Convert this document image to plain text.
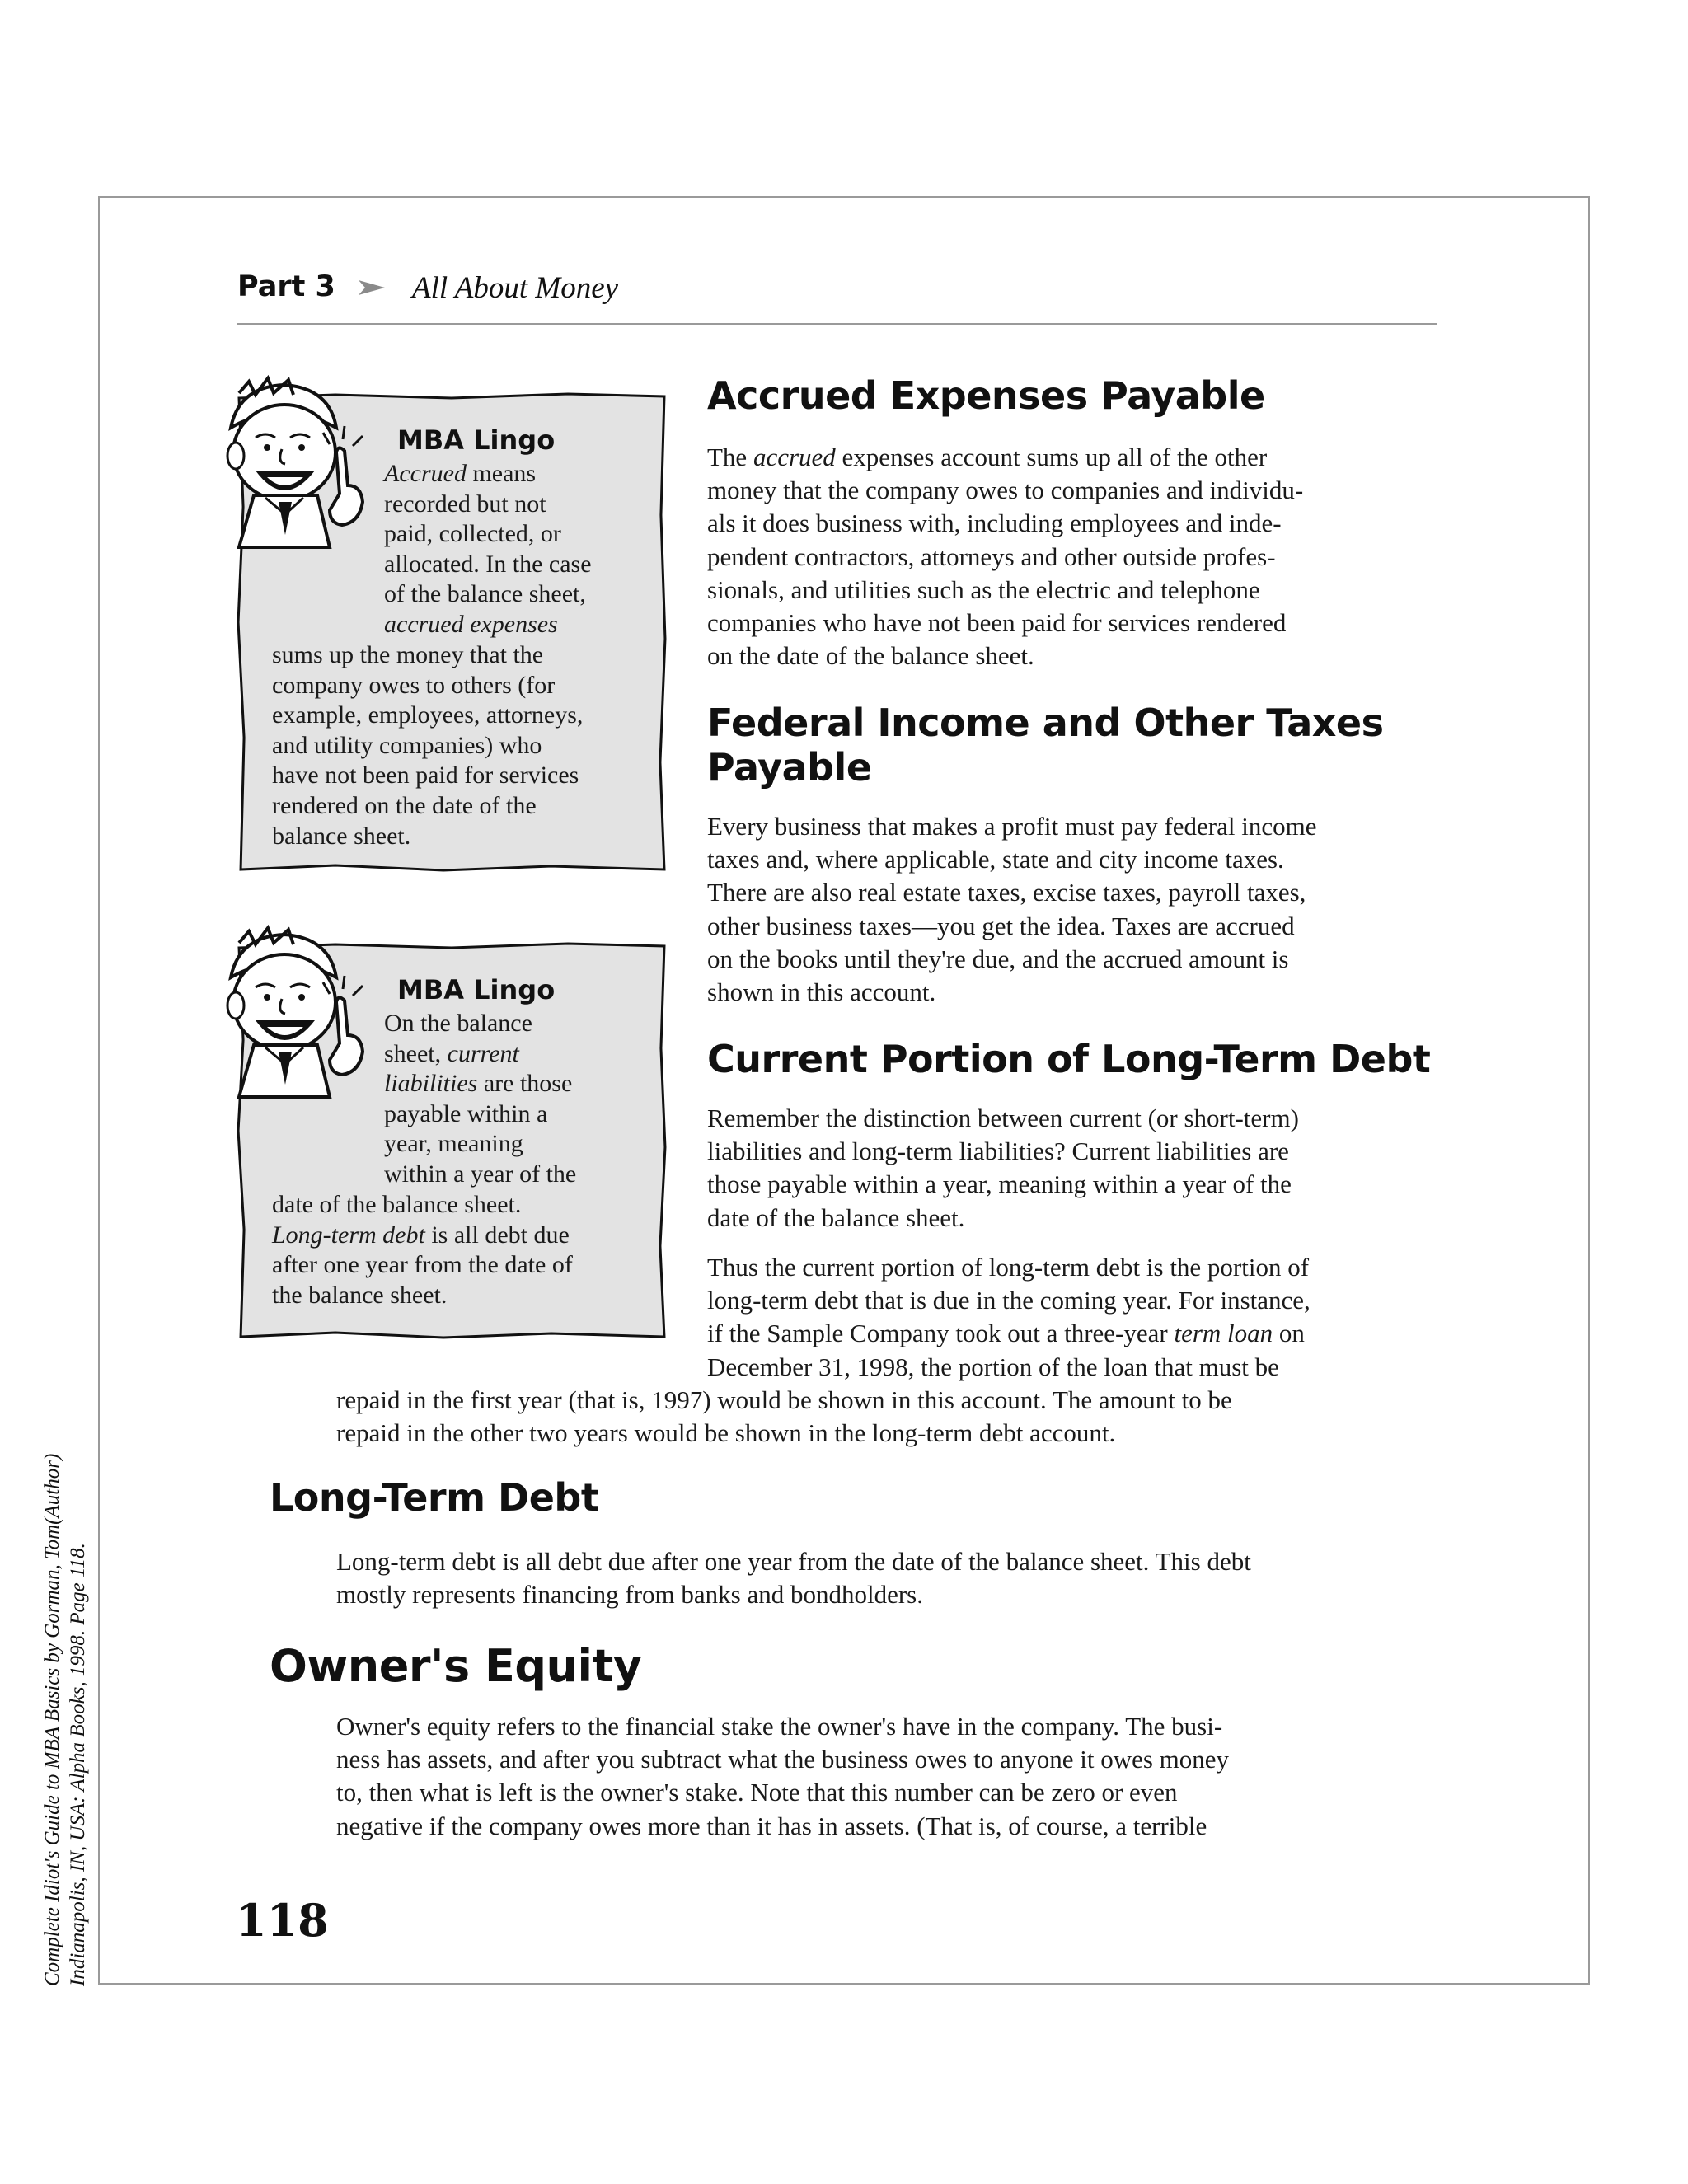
Complete Idiot's Guide to MBA Basics by Gorman, Tom(Author) Indianapolis, IN, USA: Alpha Books, 1998. Page 118.
Part 3	All About Money
MBA Lingo
Accrued means
recorded but not
paid, collected, or
allocated. In the case
of the balance sheet,
accrued expenses
sums up the money that the
company owes to others (for
example, employees, attorneys,
and utility companies) who
have not been paid for services
rendered on the date of the
balance sheet.
MBA Lingo
On the balance
sheet, current
liabilities are those
payable within a
year, meaning
within a year of the
date of the balance sheet.
Long-term debt is all debt due
after one year from the date of
the balance sheet.
Accrued Expenses Payable
The accrued expenses account sums up all of the other
money that the company owes to companies and individu-
als it does business with, including employees and inde-
pendent contractors, attorneys and other outside profes-
sionals, and utilities such as the electric and telephone
companies who have not been paid for services rendered
on the date of the balance sheet.
Federal Income and Other Taxes
Payable
Every business that makes a profit must pay federal income
taxes and, where applicable, state and city income taxes.
There are also real estate taxes, excise taxes, payroll taxes,
other business taxes—you get the idea. Taxes are accrued
on the books until they're due, and the accrued amount is
shown in this account.
Current Portion of Long-Term Debt
Remember the distinction between current (or short-term)
liabilities and long-term liabilities? Current liabilities are
those payable within a year, meaning within a year of the
date of the balance sheet.
Thus the current portion of long-term debt is the portion of
long-term debt that is due in the coming year. For instance,
if the Sample Company took out a three-year term loan on
December 31, 1998, the portion of the loan that must be
repaid in the first year (that is, 1997) would be shown in this account. The amount to be
repaid in the other two years would be shown in the long-term debt account.
Long-Term Debt
Long-term debt is all debt due after one year from the date of the balance sheet. This debt
mostly represents financing from banks and bondholders.
Owner's Equity
Owner's equity refers to the financial stake the owner's have in the company. The busi-
ness has assets, and after you subtract what the business owes to anyone it owes money
to, then what is left is the owner's stake. Note that this number can be zero or even
negative if the company owes more than it has in assets. (That is, of course, a terrible
118
